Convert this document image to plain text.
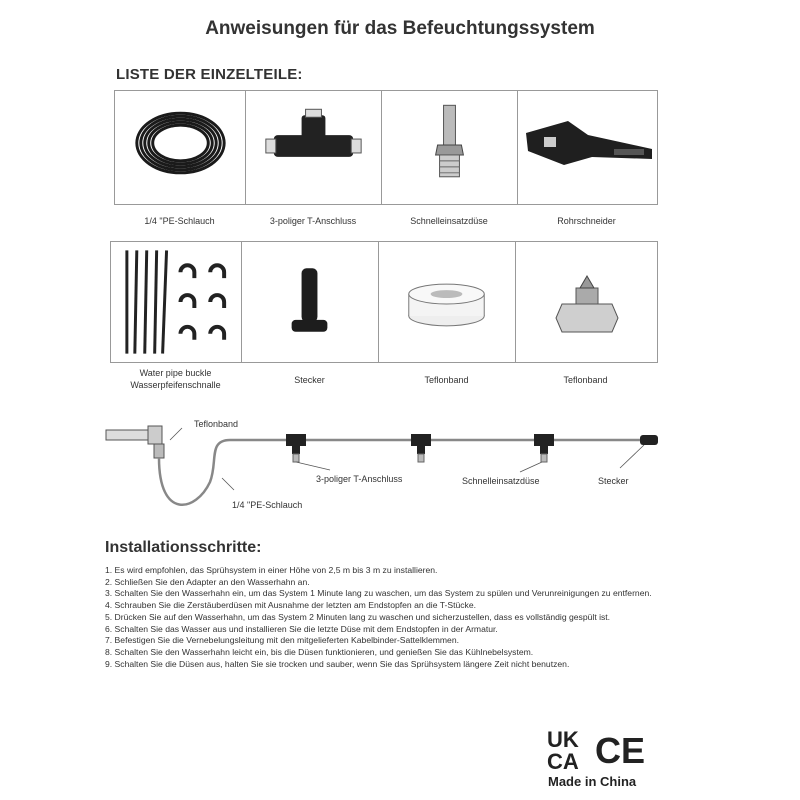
Anweisungen für das Befeuchtungssystem
LISTE DER EINZELTEILE:
1/4 "PE-Schlauch	3-poliger T-Anschluss	Schnelleinsatzdüse	Rohrschneider
Water pipe buckle
Wasserpfeifenschnalle	Stecker	Teflonband	Teflonband
Teflonband
1/4 "PE-Schlauch
3-poliger T-Anschluss	Schnelleinsatzdüse	Stecker
Installationsschritte:
1. Es wird empfohlen, das Sprühsystem in einer Höhe von 2,5 m bis 3 m zu installieren.
2. Schließen Sie den Adapter an den Wasserhahn an.
3. Schalten Sie den Wasserhahn ein, um das System 1 Minute lang zu waschen, um das System zu spülen und Verunreinigungen zu entfernen.
4. Schrauben Sie die Zerstäuberdüsen mit Ausnahme der letzten am Endstopfen an die T-Stücke.
5. Drücken Sie auf den Wasserhahn, um das System 2 Minuten lang zu waschen und sicherzustellen, dass es vollständig gespült ist.
6. Schalten Sie das Wasser aus und installieren Sie die letzte Düse mit dem Endstopfen in der Armatur.
7. Befestigen Sie die Vernebelungsleitung mit den mitgelieferten Kabelbinder-Sattelklemmen.
8. Schalten Sie den Wasserhahn leicht ein, bis die Düsen funktionieren, und genießen Sie das Kühlnebelsystem.
9. Schalten Sie die Düsen aus, halten Sie sie trocken und sauber, wenn Sie das Sprühsystem längere Zeit nicht benutzen.
UK
CA CE
Made in China
